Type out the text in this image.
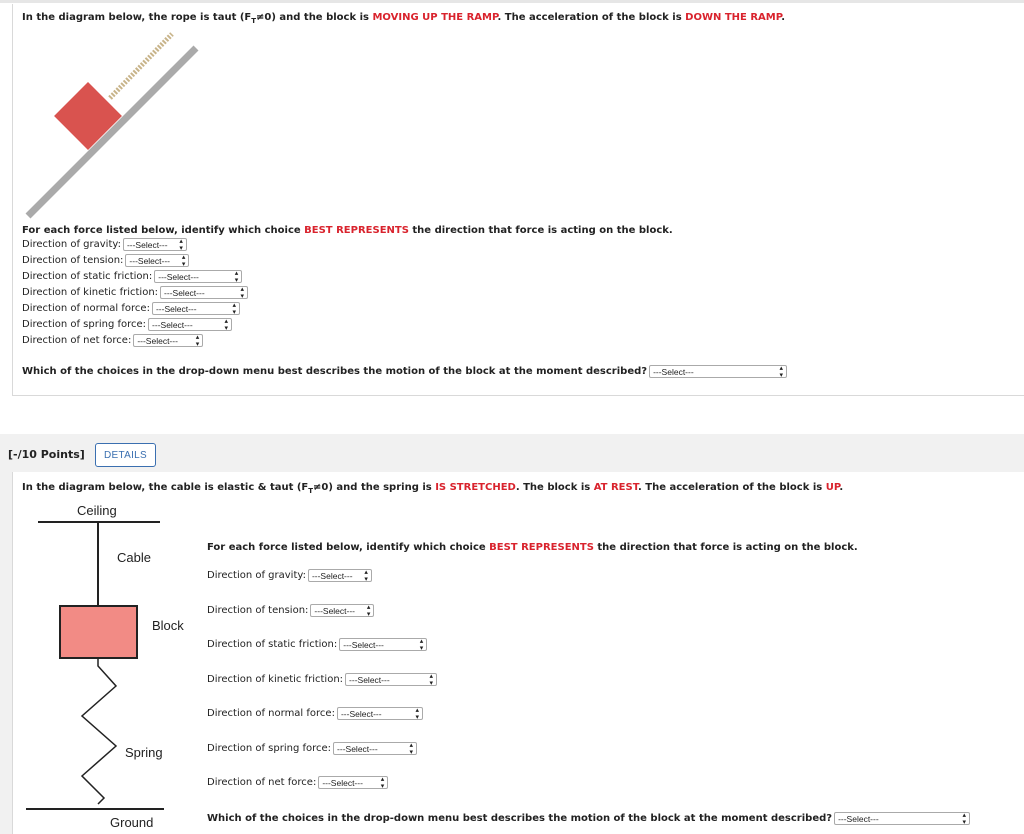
In the diagram below, the rope is taut $(F_T\ne 0)$ and the block is MOVING UP THE RAMP. The acceleration of the block is DOWN THE RAMP.
For each force listed below, identify which choice BEST REPRESENTS the direction that force is acting on the block.
Direction of gravity: ---Select--- ▴
▾
Direction of tension: ---Select--- ▴
▾
Direction of static friction: ---Select---	▴
▾
Direction of kinetic friction: ---Select---	▴
▾
Direction of normal force: ---Select---	▴
▾
Direction of spring force: ---Select---	▴
▾
Direction of net force: ---Select---	▴
▾
Which of the choices in the drop-down menu best describes the motion of the block at the moment described? ---Select---	▴
▾
[-/10 Points]	DETAILS
In the diagram below, the cable is elastic & taut $(F_T\ne 0)$ and the spring is IS STRETCHED. The block is AT REST. The acceleration of the block is UP.
Ceiling
Cable
Block
Spring
Ground
For each force listed below, identify which choice BEST REPRESENTS the direction that force is acting on the block.
Direction of gravity: ---Select--- ▴
▾
Direction of tension: ---Select--- ▴
▾
Direction of static friction: ---Select---	▴
▾
Direction of kinetic friction: ---Select---	▴
▾
Direction of normal force: ---Select---	▴
▾
Direction of spring force: ---Select---	▴
▾
Direction of net force: ---Select---	▴
▾
Which of the choices in the drop-down menu best describes the motion of the block at the moment described? ---Select---	▴
▾
